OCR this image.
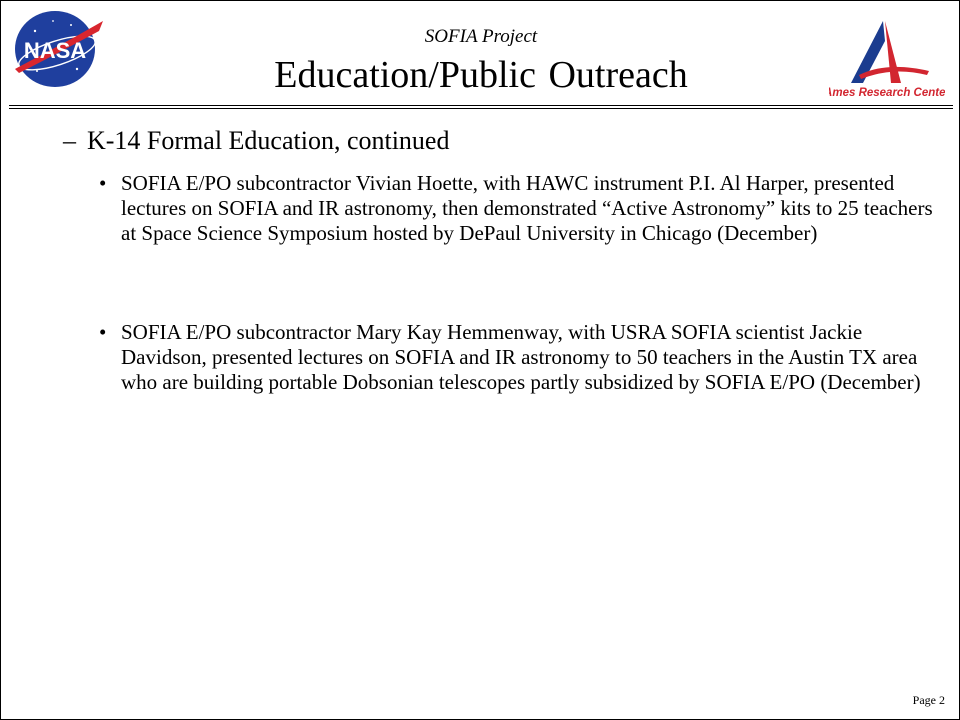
NASA
SOFIA Project
Education/Public Outreach	Ames Research Center
– K-14 Formal Education, continued
• SOFIA E/PO subcontractor Vivian Hoette, with HAWC instrument P.I. Al Harper, presented lectures on SOFIA and IR astronomy, then demonstrated “Active Astronomy” kits to 25 teachers at Space Science Symposium hosted by DePaul University in Chicago (December)
• SOFIA E/PO subcontractor Mary Kay Hemmenway, with USRA SOFIA scientist Jackie Davidson, presented lectures on SOFIA and IR astronomy to 50 teachers in the Austin TX area who are building portable Dobsonian telescopes partly subsidized by SOFIA E/PO (December)
Page 2
